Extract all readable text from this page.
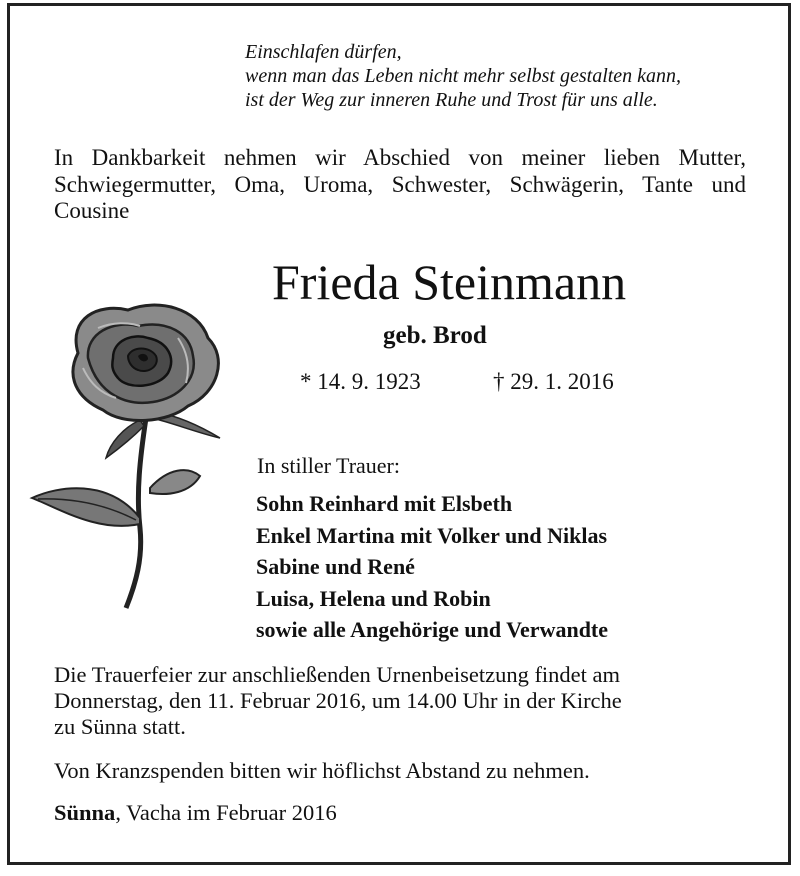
Einschlafen dürfen,
wenn man das Leben nicht mehr selbst gestalten kann,
ist der Weg zur inneren Ruhe und Trost für uns alle.
In Dankbarkeit nehmen wir Abschied von meiner lieben Mutter, Schwiegermutter, Oma, Uroma, Schwester, Schwägerin, Tante und Cousine
Frieda Steinmann
geb. Brod
* 14. 9. 1923	† 29. 1. 2016
In stiller Trauer:
Sohn Reinhard mit Elsbeth
Enkel Martina mit Volker und Niklas
Sabine und René
Luisa, Helena und Robin
sowie alle Angehörige und Verwandte
Die Trauerfeier zur anschließenden Urnenbeisetzung findet am
Donnerstag, den 11. Februar 2016, um 14.00 Uhr in der Kirche
zu Sünna statt.
Von Kranzspenden bitten wir höflichst Abstand zu nehmen.
Sünna, Vacha im Februar 2016
